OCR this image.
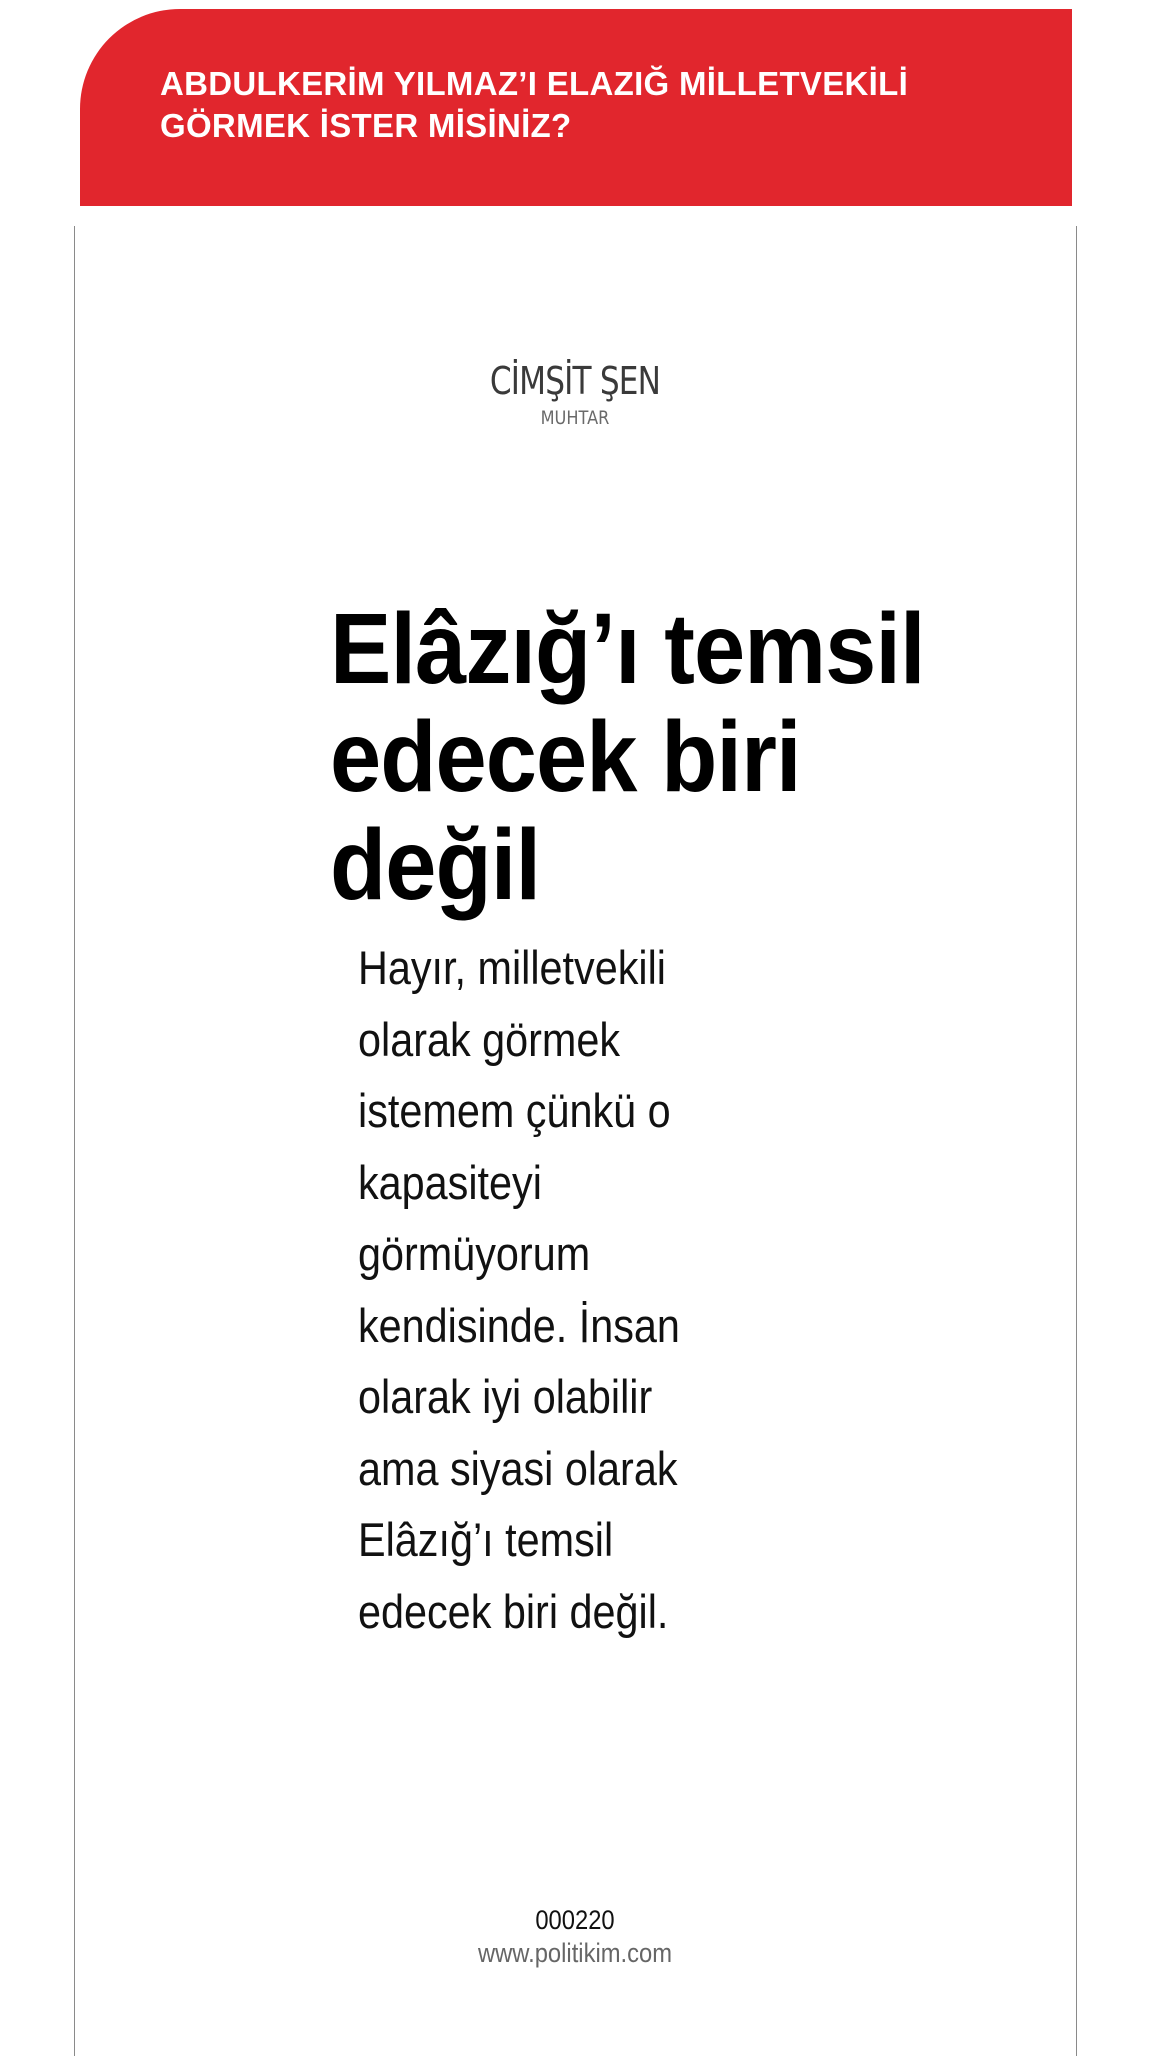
ABDULKERİM YILMAZ’I ELAZIĞ MİLLETVEKİLİ GÖRMEK İSTER MİSİNİZ?
CİMŞİT ŞEN
MUHTAR
Elâzığ’ı temsil edecek biri değil

Hayır, milletvekili olarak görmek istemem çünkü o kapasiteyi görmüyorum kendisinde. İnsan olarak iyi olabilir ama siyasi olarak Elâzığ’ı temsil edecek biri değil.

000220
www.politikim.com
